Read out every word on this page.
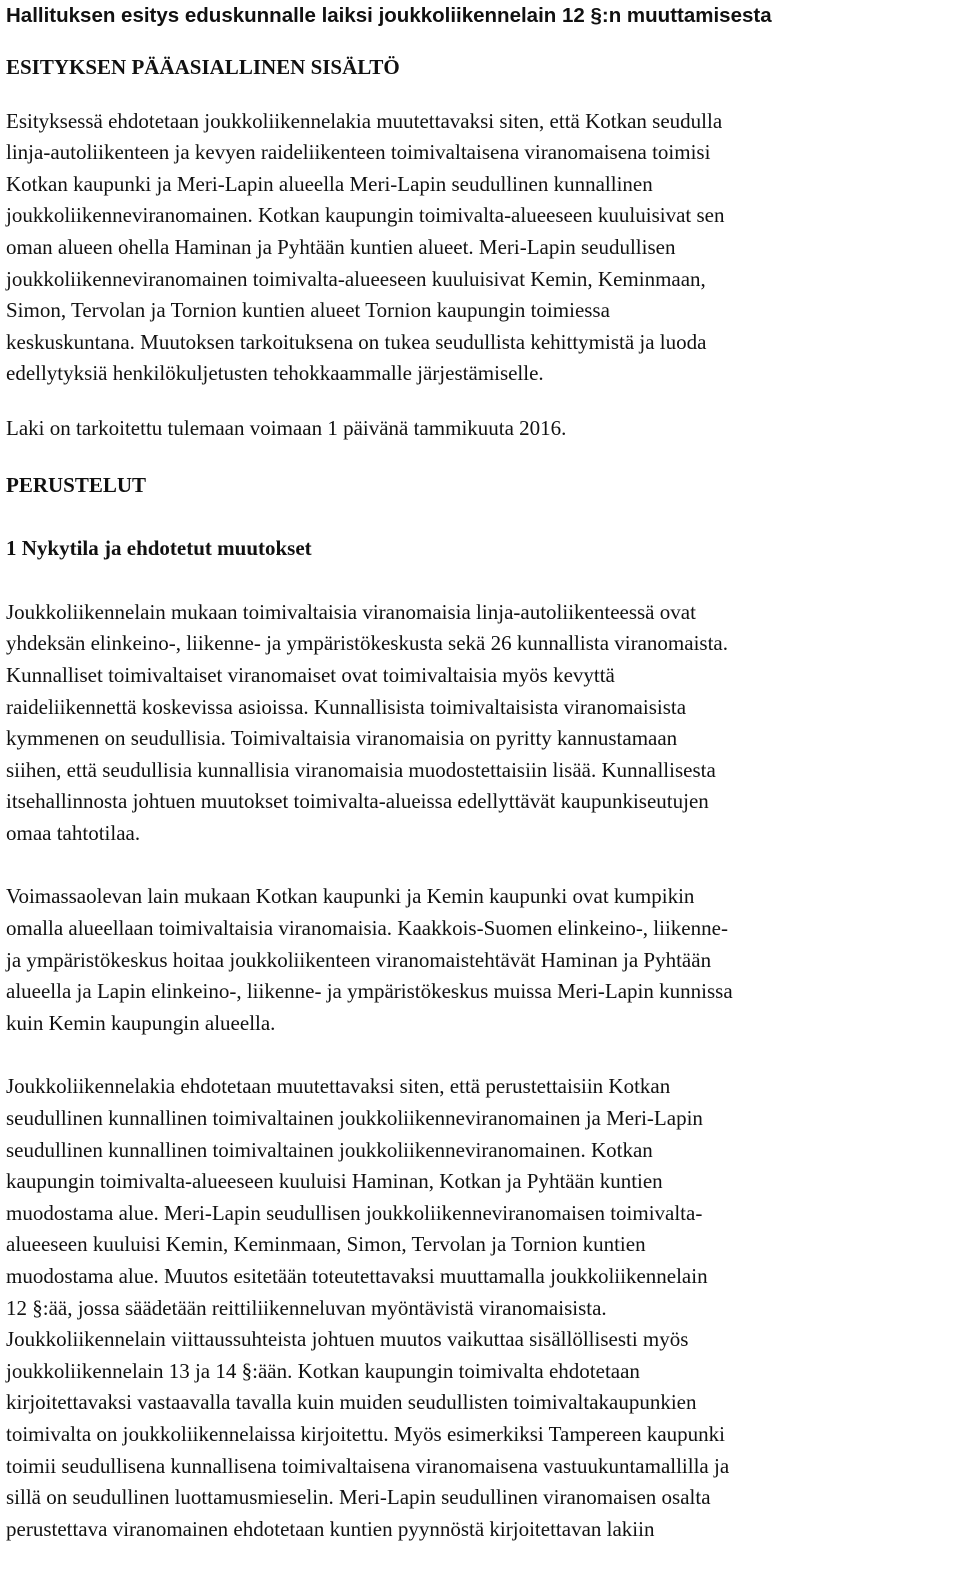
Hallituksen esitys eduskunnalle laiksi joukkoliikennelain 12 §:n muuttamisesta
ESITYKSEN PÄÄASIALLINEN SISÄLTÖ
Esityksessä ehdotetaan joukkoliikennelakia muutettavaksi siten, että Kotkan seudulla
linja-autoliikenteen ja kevyen raideliikenteen toimivaltaisena viranomaisena toimisi
Kotkan kaupunki ja Meri-Lapin alueella Meri-Lapin seudullinen kunnallinen
joukkoliikenneviranomainen. Kotkan kaupungin toimivalta-alueeseen kuuluisivat sen
oman alueen ohella Haminan ja Pyhtään kuntien alueet. Meri-Lapin seudullisen
joukkoliikenneviranomainen toimivalta-alueeseen kuuluisivat Kemin, Keminmaan,
Simon, Tervolan ja Tornion kuntien alueet Tornion kaupungin toimiessa
keskuskuntana. Muutoksen tarkoituksena on tukea seudullista kehittymistä ja luoda
edellytyksiä henkilökuljetusten tehokkaammalle järjestämiselle.

Laki on tarkoitettu tulemaan voimaan 1 päivänä tammikuuta 2016.

PERUSTELUT
1 Nykytila ja ehdotetut muutokset
Joukkoliikennelain mukaan toimivaltaisia viranomaisia linja-autoliikenteessä ovat
yhdeksän elinkeino-, liikenne- ja ympäristökeskusta sekä 26 kunnallista viranomaista.
Kunnalliset toimivaltaiset viranomaiset ovat toimivaltaisia myös kevyttä
raideliikennettä koskevissa asioissa. Kunnallisista toimivaltaisista viranomaisista
kymmenen on seudullisia. Toimivaltaisia viranomaisia on pyritty kannustamaan
siihen, että seudullisia kunnallisia viranomaisia muodostettaisiin lisää. Kunnallisesta
itsehallinnosta johtuen muutokset toimivalta-alueissa edellyttävät kaupunkiseutujen
omaa tahtotilaa.
Voimassaolevan lain mukaan Kotkan kaupunki ja Kemin kaupunki ovat kumpikin
omalla alueellaan toimivaltaisia viranomaisia. Kaakkois-Suomen elinkeino-, liikenne-
ja ympäristökeskus hoitaa joukkoliikenteen viranomaistehtävät Haminan ja Pyhtään
alueella ja Lapin elinkeino-, liikenne- ja ympäristökeskus muissa Meri-Lapin kunnissa
kuin Kemin kaupungin alueella.
Joukkoliikennelakia ehdotetaan muutettavaksi siten, että perustettaisiin Kotkan
seudullinen kunnallinen toimivaltainen joukkoliikenneviranomainen ja Meri-Lapin
seudullinen kunnallinen toimivaltainen joukkoliikenneviranomainen. Kotkan
kaupungin toimivalta-alueeseen kuuluisi Haminan, Kotkan ja Pyhtään kuntien
muodostama alue. Meri-Lapin seudullisen joukkoliikenneviranomaisen toimivalta-
alueeseen kuuluisi Kemin, Keminmaan, Simon, Tervolan ja Tornion kuntien
muodostama alue. Muutos esitetään toteutettavaksi muuttamalla joukkoliikennelain
12 §:ää, jossa säädetään reittiliikenneluvan myöntävistä viranomaisista.
Joukkoliikennelain viittaussuhteista johtuen muutos vaikuttaa sisällöllisesti myös
joukkoliikennelain 13 ja 14 §:ään. Kotkan kaupungin toimivalta ehdotetaan
kirjoitettavaksi vastaavalla tavalla kuin muiden seudullisten toimivaltakaupunkien
toimivalta on joukkoliikennelaissa kirjoitettu. Myös esimerkiksi Tampereen kaupunki
toimii seudullisena kunnallisena toimivaltaisena viranomaisena vastuukuntamallilla ja
sillä on seudullinen luottamusmieselin. Meri-Lapin seudullinen viranomaisen osalta
perustettava viranomainen ehdotetaan kuntien pyynnöstä kirjoitettavan lakiin
